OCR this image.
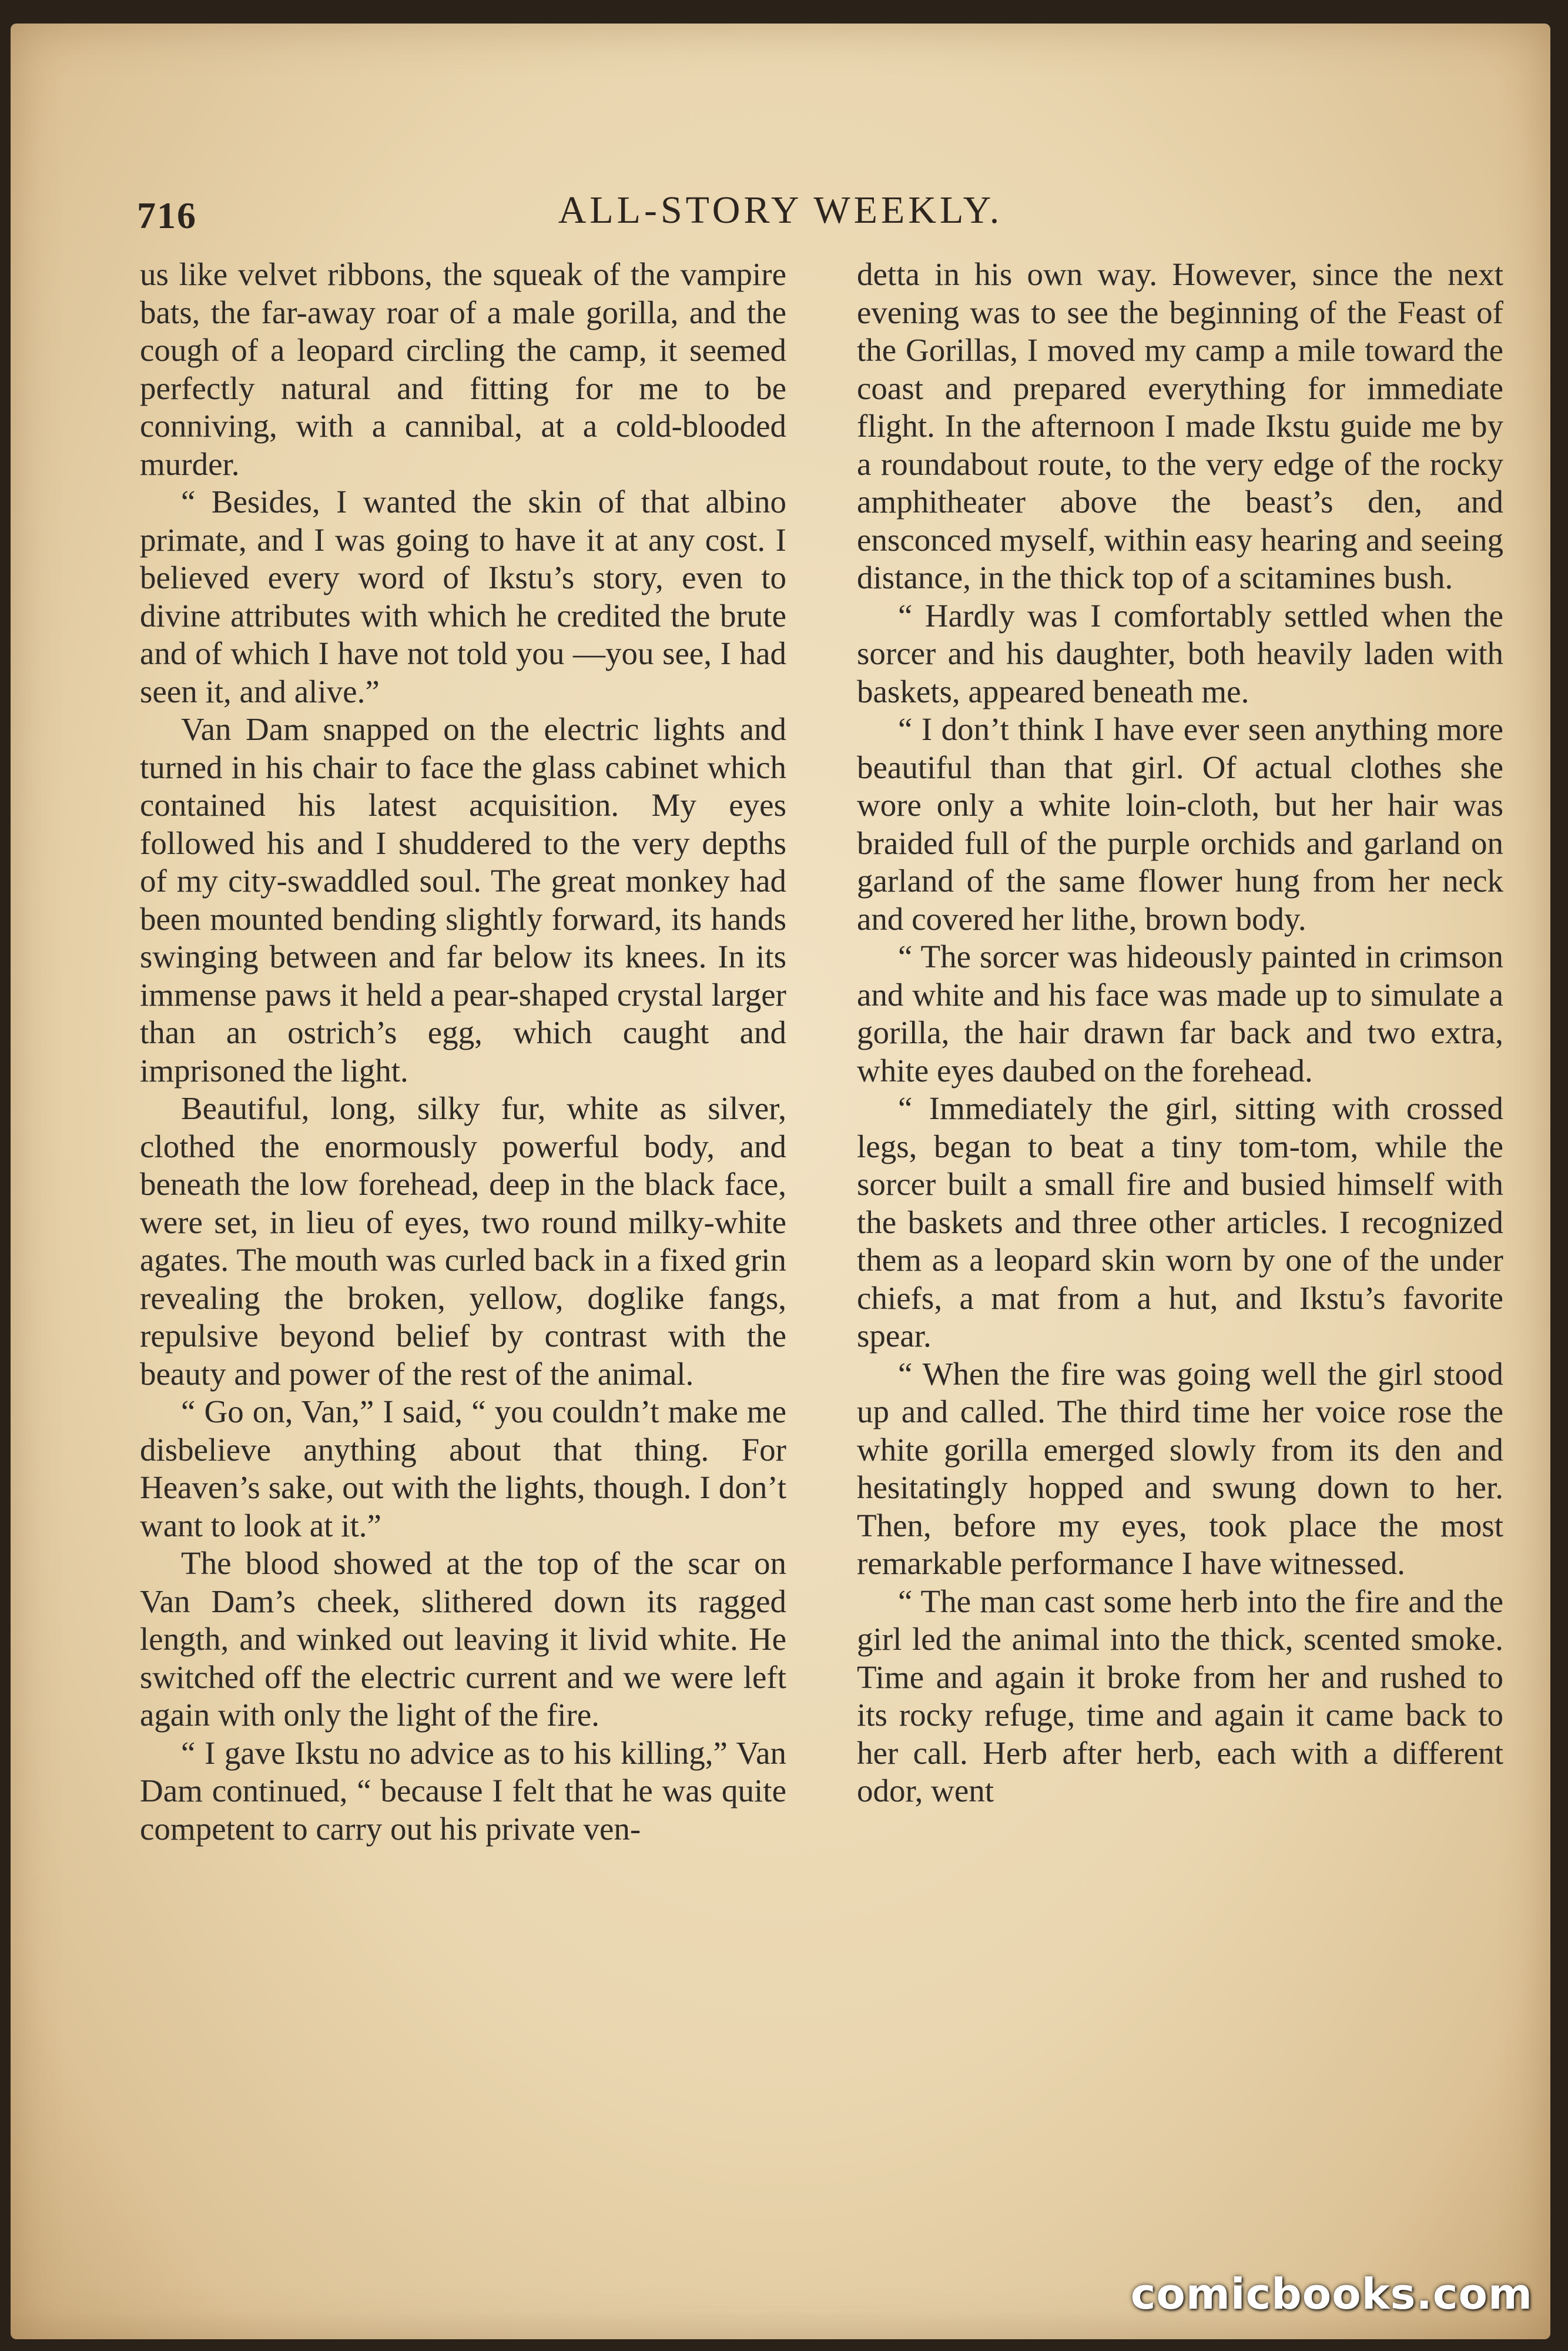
716	ALL-STORY WEEKLY.

us like velvet ribbons, the squeak of the vampire bats, the far-away roar of a male gorilla, and the cough of a leopard circling the camp, it seemed perfectly natural and fitting for me to be conniving, with a cannibal, at a cold-blooded murder.

“ Besides, I wanted the skin of that albino primate, and I was going to have it at any cost. I believed every word of Ikstu’s story, even to divine attributes with which he credited the brute and of which I have not told you —you see, I had seen it, and alive.”

Van Dam snapped on the electric lights and turned in his chair to face the glass cabinet which contained his latest acquisition. My eyes followed his and I shuddered to the very depths of my city-swaddled soul. The great monkey had been mounted bending slightly forward, its hands swinging between and far below its knees. In its immense paws it held a pear-shaped crystal larger than an ostrich’s egg, which caught and imprisoned the light.

Beautiful, long, silky fur, white as silver, clothed the enormously powerful body, and beneath the low forehead, deep in the black face, were set, in lieu of eyes, two round milky-white agates. The mouth was curled back in a fixed grin revealing the broken, yellow, doglike fangs, repulsive beyond belief by contrast with the beauty and power of the rest of the animal.

“ Go on, Van,” I said, “ you couldn’t make me disbelieve anything about that thing. For Heaven’s sake, out with the lights, though. I don’t want to look at it.”

The blood showed at the top of the scar on Van Dam’s cheek, slithered down its ragged length, and winked out leaving it livid white. He switched off the electric current and we were left again with only the light of the fire.

“ I gave Ikstu no advice as to his killing,” Van Dam continued, “ because I felt that he was quite competent to carry out his private ven-

detta in his own way. However, since the next evening was to see the beginning of the Feast of the Gorillas, I moved my camp a mile toward the coast and prepared everything for immediate flight. In the afternoon I made Ikstu guide me by a roundabout route, to the very edge of the rocky amphitheater above the beast’s den, and ensconced myself, within easy hearing and seeing distance, in the thick top of a scitamines bush.

“ Hardly was I comfortably settled when the sorcer and his daughter, both heavily laden with baskets, appeared beneath me.

“ I don’t think I have ever seen anything more beautiful than that girl. Of actual clothes she wore only a white loin-cloth, but her hair was braided full of the purple orchids and garland on garland of the same flower hung from her neck and covered her lithe, brown body.

“ The sorcer was hideously painted in crimson and white and his face was made up to simulate a gorilla, the hair drawn far back and two extra, white eyes daubed on the forehead.

“ Immediately the girl, sitting with crossed legs, began to beat a tiny tom-tom, while the sorcer built a small fire and busied himself with the baskets and three other articles. I recognized them as a leopard skin worn by one of the under chiefs, a mat from a hut, and Ikstu’s favorite spear.

“ When the fire was going well the girl stood up and called. The third time her voice rose the white gorilla emerged slowly from its den and hesitatingly hopped and swung down to her. Then, before my eyes, took place the most remarkable performance I have witnessed.

“ The man cast some herb into the fire and the girl led the animal into the thick, scented smoke. Time and again it broke from her and rushed to its rocky refuge, time and again it came back to her call. Herb after herb, each with a different odor, went

comicbooks.com
